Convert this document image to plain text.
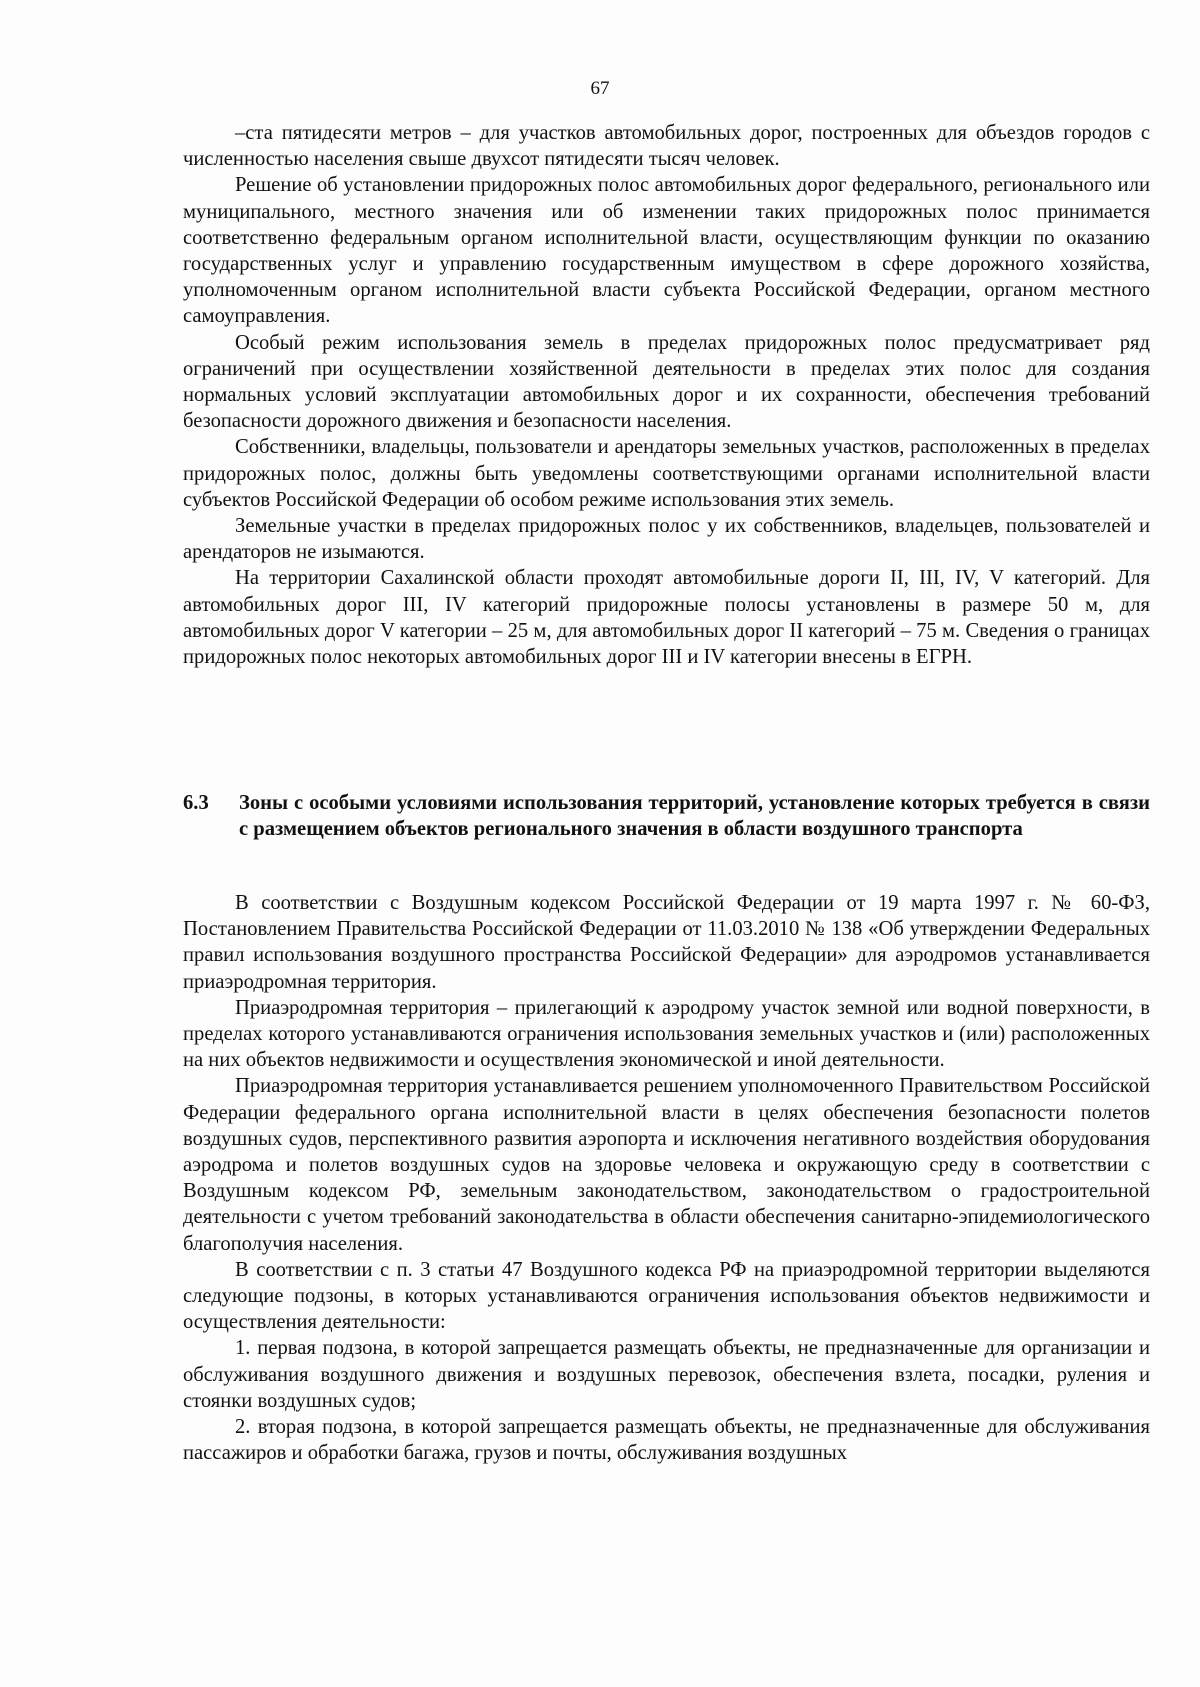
67

–ста пятидесяти метров – для участков автомобильных дорог, построенных для объездов городов с численностью населения свыше двухсот пятидесяти тысяч человек.

Решение об установлении придорожных полос автомобильных дорог федерального, регионального или муниципального, местного значения или об изменении таких придорожных полос принимается соответственно федеральным органом исполнительной власти, осуществляющим функции по оказанию государственных услуг и управлению государственным имуществом в сфере дорожного хозяйства, уполномоченным органом исполнительной власти субъекта Российской Федерации, органом местного самоуправления.

Особый режим использования земель в пределах придорожных полос предусматривает ряд ограничений при осуществлении хозяйственной деятельности в пределах этих полос для создания нормальных условий эксплуатации автомобильных дорог и их сохранности, обеспечения требований безопасности дорожного движения и безопасности населения.

Собственники, владельцы, пользователи и арендаторы земельных участков, расположенных в пределах придорожных полос, должны быть уведомлены соответствующими органами исполнительной власти субъектов Российской Федерации об особом режиме использования этих земель.

Земельные участки в пределах придорожных полос у их собственников, владельцев, пользователей и арендаторов не изымаются.

На территории Сахалинской области проходят автомобильные дороги II, III, IV, V категорий. Для автомобильных дорог III, IV категорий придорожные полосы установлены в размере 50 м, для автомобильных дорог V категории – 25 м, для автомобильных дорог II категорий – 75 м. Сведения о границах придорожных полос некоторых автомобильных дорог III и IV категории внесены в ЕГРН.

6.3	Зоны с особыми условиями использования территорий, установление которых требуется в связи с размещением объектов регионального значения в области воздушного транспорта

В соответствии с Воздушным кодексом Российской Федерации от 19 марта 1997 г. № 60-ФЗ, Постановлением Правительства Российской Федерации от 11.03.2010 № 138 «Об утверждении Федеральных правил использования воздушного пространства Российской Федерации» для аэродромов устанавливается приаэродромная территория.

Приаэродромная территория – прилегающий к аэродрому участок земной или водной поверхности, в пределах которого устанавливаются ограничения использования земельных участков и (или) расположенных на них объектов недвижимости и осуществления экономической и иной деятельности.

Приаэродромная территория устанавливается решением уполномоченного Правительством Российской Федерации федерального органа исполнительной власти в целях обеспечения безопасности полетов воздушных судов, перспективного развития аэропорта и исключения негативного воздействия оборудования аэродрома и полетов воздушных судов на здоровье человека и окружающую среду в соответствии с Воздушным кодексом РФ, земельным законодательством, законодательством о градостроительной деятельности с учетом требований законодательства в области обеспечения санитарно-эпидемиологического благополучия населения.

В соответствии с п. 3 статьи 47 Воздушного кодекса РФ на приаэродромной территории выделяются следующие подзоны, в которых устанавливаются ограничения использования объектов недвижимости и осуществления деятельности:

1. первая подзона, в которой запрещается размещать объекты, не предназначенные для организации и обслуживания воздушного движения и воздушных перевозок, обеспечения взлета, посадки, руления и стоянки воздушных судов;

2. вторая подзона, в которой запрещается размещать объекты, не предназначенные для обслуживания пассажиров и обработки багажа, грузов и почты, обслуживания воздушных
